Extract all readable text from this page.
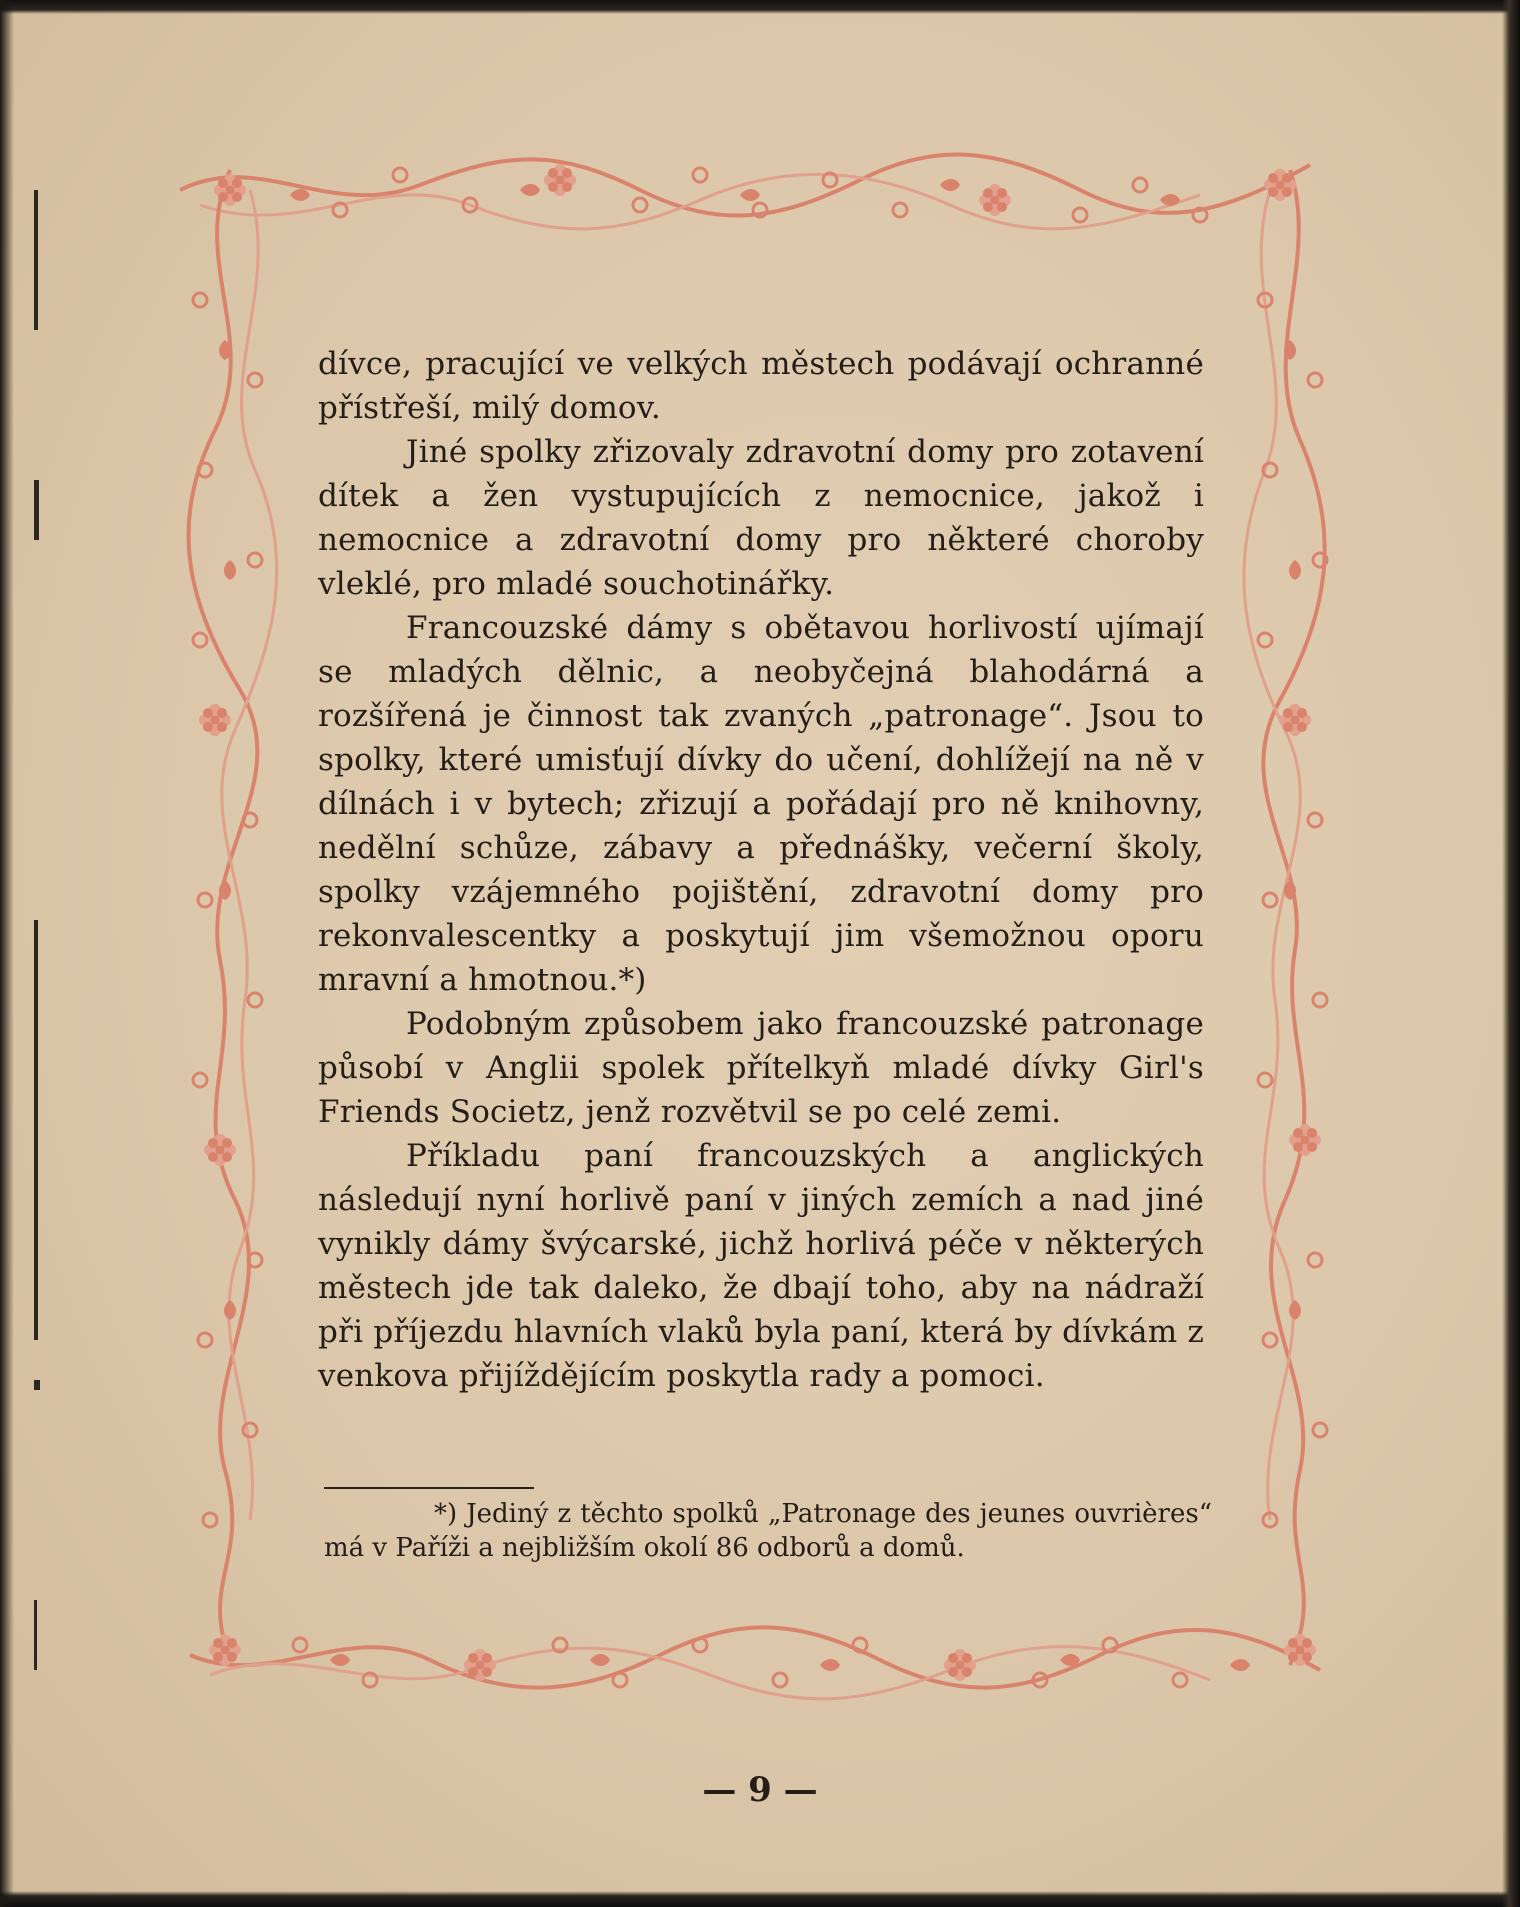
dívce, pracující ve velkých městech podávají ochranné přístřeší, milý domov.

Jiné spolky zřizovaly zdravotní domy pro zotavení dítek a žen vystupujících z nemocnice, jakož i nemocnice a zdravotní domy pro některé choroby vleklé, pro mladé souchotinářky.

Francouzské dámy s obětavou horlivostí ujímají se mladých dělnic, a neobyčejná blahodárná a rozšířená je činnost tak zvaných „patronage“. Jsou to spolky, které umisťují dívky do učení, dohlížejí na ně v dílnách i v bytech; zřizují a pořádají pro ně knihovny, nedělní schůze, zábavy a přednášky, večerní školy, spolky vzájemného pojištění, zdravotní domy pro rekonvalescentky a poskytují jim všemožnou oporu mravní a hmotnou.*)

Podobným způsobem jako francouzské patronage působí v Anglii spolek přítelkyň mladé dívky Girl's Friends Societz, jenž rozvětvil se po celé zemi.

Příkladu paní francouzských a anglických následují nyní horlivě paní v jiných zemích a nad jiné vynikly dámy švýcarské, jichž horlivá péče v některých městech jde tak daleko, že dbají toho, aby na nádraží při příjezdu hlavních vlaků byla paní, která by dívkám z venkova přijíždějícím poskytla rady a pomoci.

*) Jediný z těchto spolků „Patronage des jeunes ouvrières“ má v Paříži a nejbližším okolí 86 odborů a domů.

— 9 —
